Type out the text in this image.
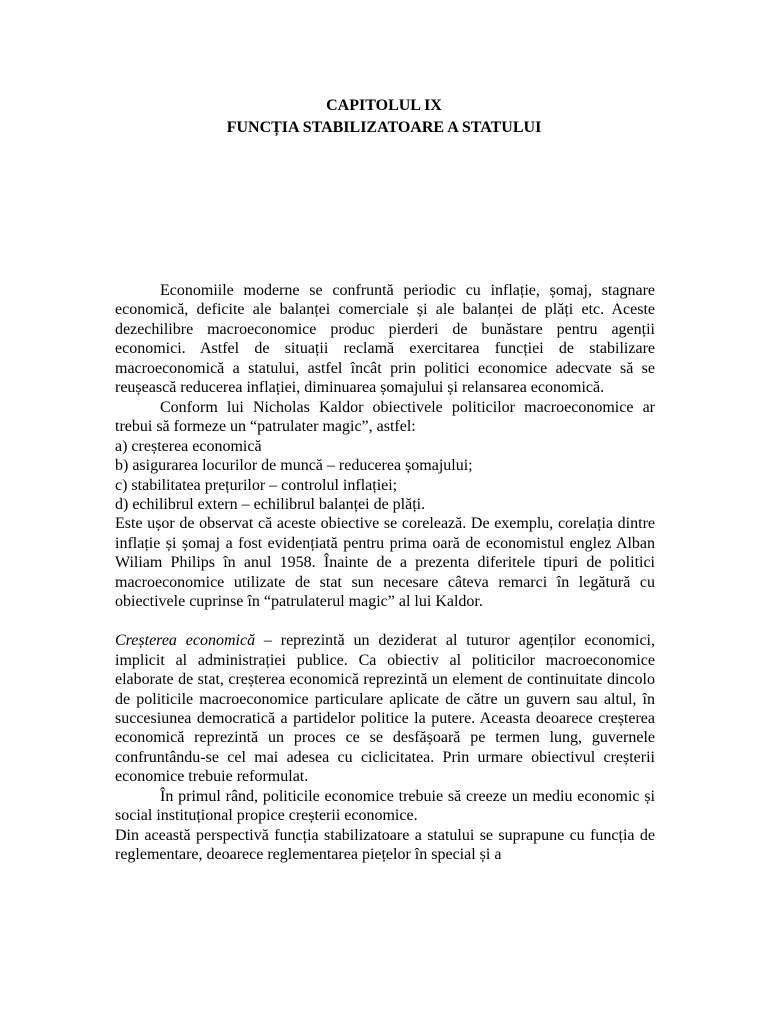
CAPITOLUL IX
FUNCȚIA STABILIZATOARE A STATULUI

Economiile moderne se confruntă periodic cu inflație, șomaj, stagnare economică, deficite ale balanței comerciale și ale balanței de plăți etc. Aceste dezechilibre macroeconomice produc pierderi de bunăstare pentru agenții economici. Astfel de situații reclamă exercitarea funcției de stabilizare macroeconomică a statului, astfel încât prin politici economice adecvate să se reușească reducerea inflației, diminuarea șomajului și relansarea economică.

Conform lui Nicholas Kaldor obiectivele politicilor macroeconomice ar trebui să formeze un “patrulater magic”, astfel:

a) creșterea economică

b) asigurarea locurilor de muncă – reducerea șomajului;

c) stabilitatea prețurilor – controlul inflației;

d) echilibrul extern – echilibrul balanței de plăți.

Este ușor de observat că aceste obiective se corelează. De exemplu, corelația dintre inflație și șomaj a fost evidențiată pentru prima oară de economistul englez Alban Wiliam Philips în anul 1958. Înainte de a prezenta diferitele tipuri de politici macroeconomice utilizate de stat sun necesare câteva remarci în legătură cu obiectivele cuprinse în “patrulaterul magic” al lui Kaldor.

Creșterea economică – reprezintă un deziderat al tuturor agenților economici, implicit al administrației publice. Ca obiectiv al politicilor macroeconomice elaborate de stat, creșterea economică reprezintă un element de continuitate dincolo de politicile macroeconomice particulare aplicate de către un guvern sau altul, în succesiunea democratică a partidelor politice la putere. Aceasta deoarece creșterea economică reprezintă un proces ce se desfășoară pe termen lung, guvernele confruntându-se cel mai adesea cu ciclicitatea. Prin urmare obiectivul creșterii economice trebuie reformulat.

În primul rând, politicile economice trebuie să creeze un mediu economic și social instituțional propice creșterii economice.

Din această perspectivă funcția stabilizatoare a statului se suprapune cu funcția de reglementare, deoarece reglementarea piețelor în special și a
